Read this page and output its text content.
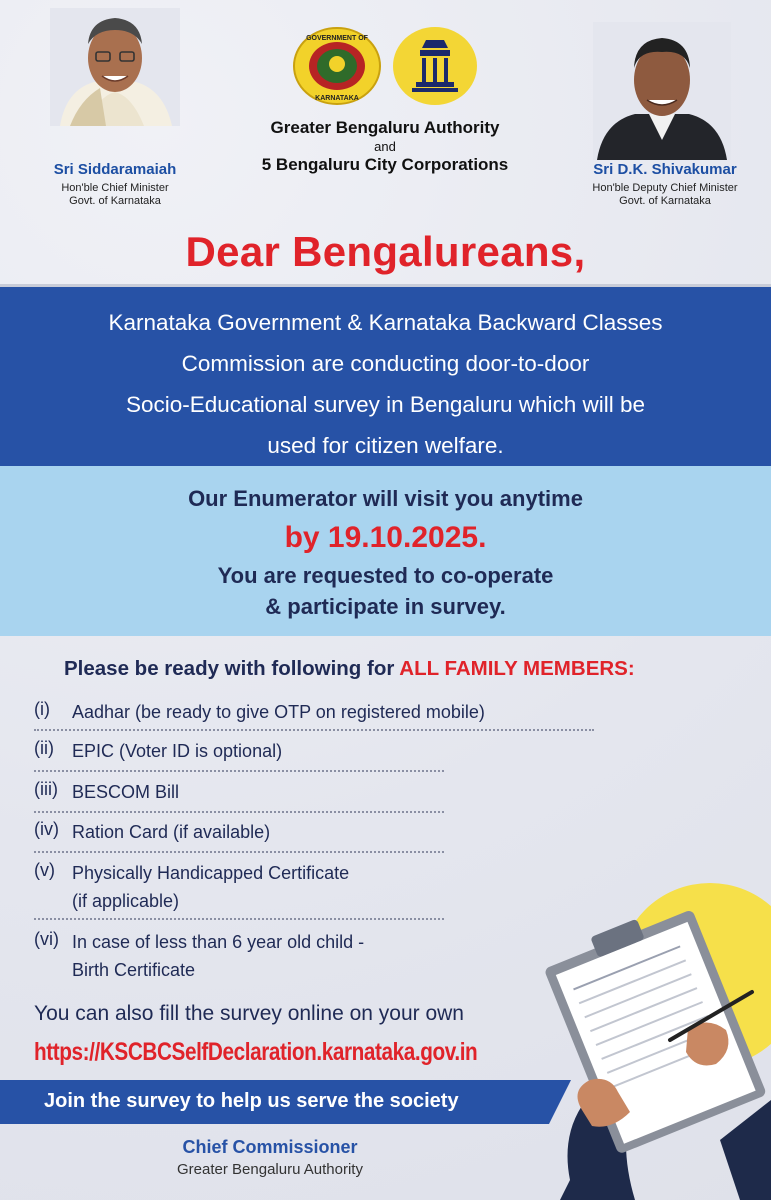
Sri Siddaramaiah
Hon'ble Chief Minister
Govt. of Karnataka
GOVERNMENT OF
KARNATAKA
Greater Bengaluru Authority
and
5 Bengaluru City Corporations	Sri D.K. Shivakumar
Hon'ble Deputy Chief Minister
Govt. of Karnataka
Dear Bengalureans,

Karnataka Government & Karnataka Backward Classes
Commission are conducting door-to-door
Socio-Educational survey in Bengaluru which will be
used for citizen welfare.

Our Enumerator will visit you anytime
by 19.10.2025.
You are requested to co-operate
& participate in survey.
Please be ready with following for ALL FAMILY MEMBERS:
(i) Aadhar (be ready to give OTP on registered mobile)
(ii) EPIC (Voter ID is optional)
(iii) BESCOM Bill
(iv) Ration Card (if available)
(v) Physically Handicapped Certificate
(if applicable)
(vi) In case of less than 6 year old child -
Birth Certificate
You can also fill the survey online on your own
https://KSCBCSelfDeclaration.karnataka.gov.in
Join the survey to help us serve the society
Chief Commissioner
Greater Bengaluru Authority
